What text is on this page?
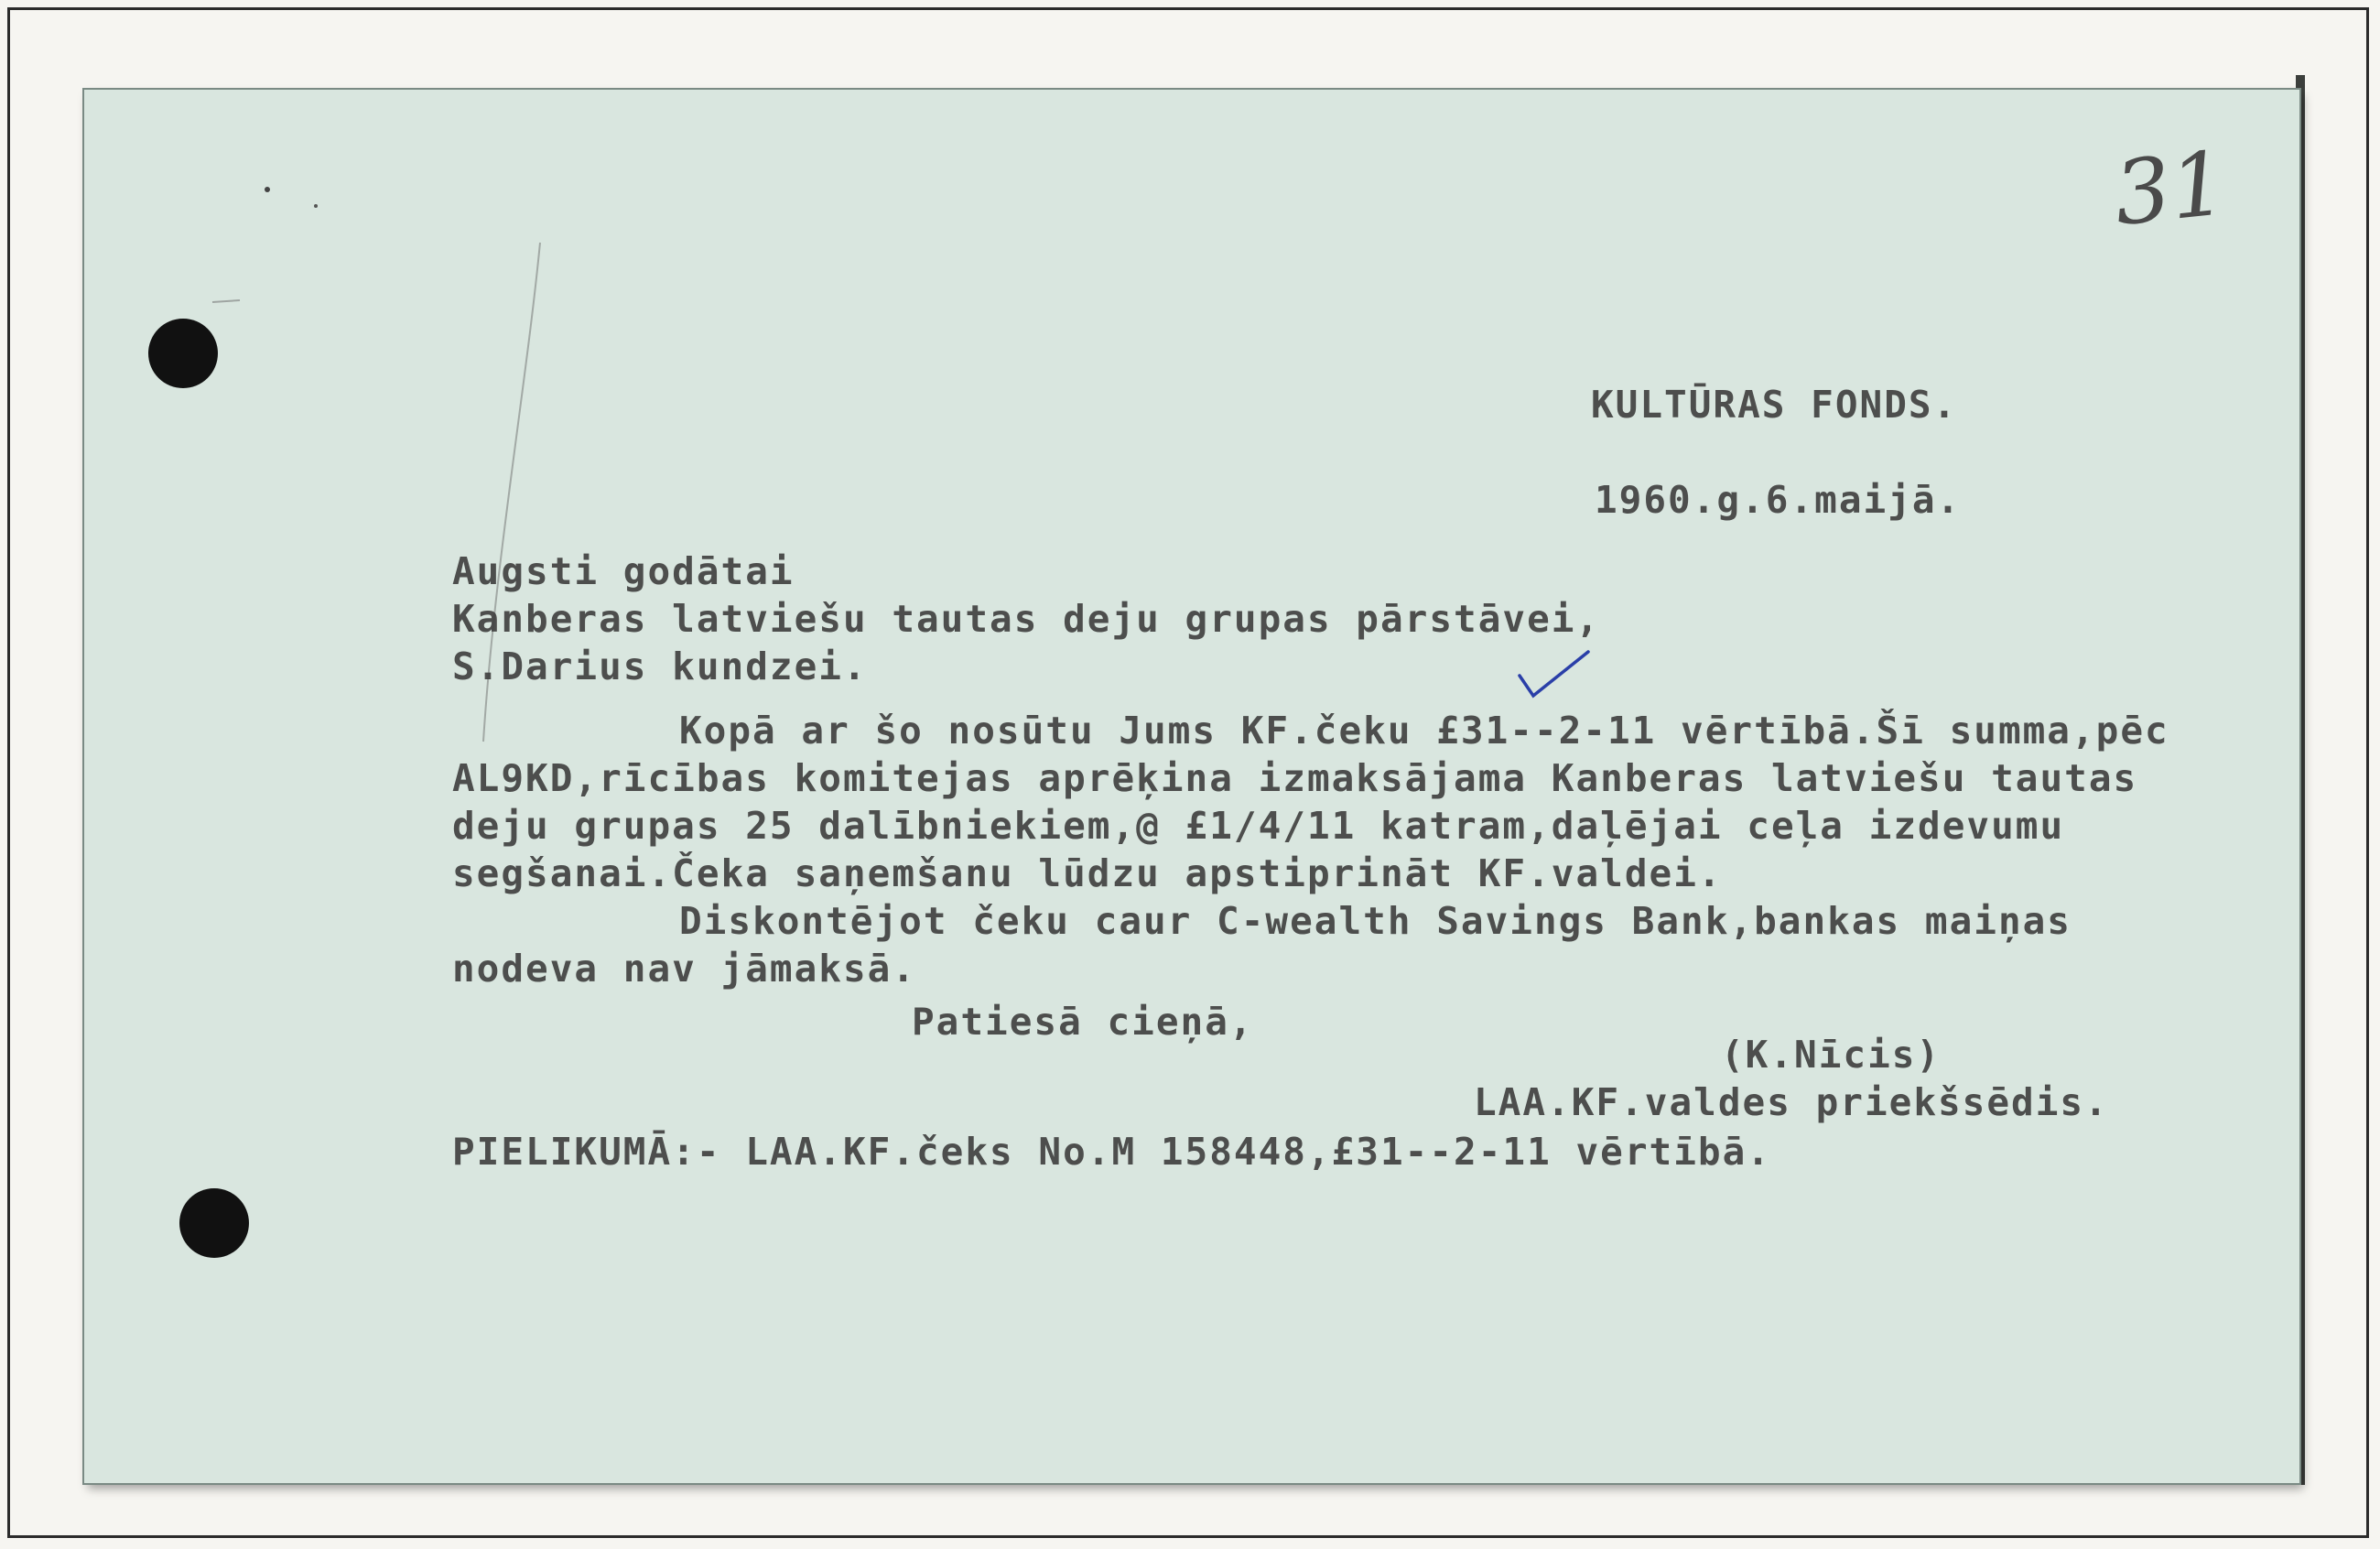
31
KULTŪRAS FONDS.
1960.g.6.maijā.
Augsti godātai
Kanberas latviešu tautas deju grupas pārstāvei,
S.Darius kundzei.
Kopā ar šo nosūtu Jums KF.čeku £31--2-11 vērtībā.Šī summa,pēc
AL9KD,rīcības komitejas aprēķina izmaksājama Kanberas latviešu tautas
deju grupas 25 dalībniekiem,@ £1/4/11 katram,daļējai ceļa izdevumu
segšanai.Čeka saņemšanu lūdzu apstiprināt KF.valdei.
Diskontējot čeku caur C-wealth Savings Bank,bankas maiņas
nodeva nav jāmaksā.
Patiesā cieņā,
(K.Nīcis)
LAA.KF.valdes priekšsēdis.
PIELIKUMĀ:- LAA.KF.čeks No.M 158448,£31--2-11 vērtībā.
